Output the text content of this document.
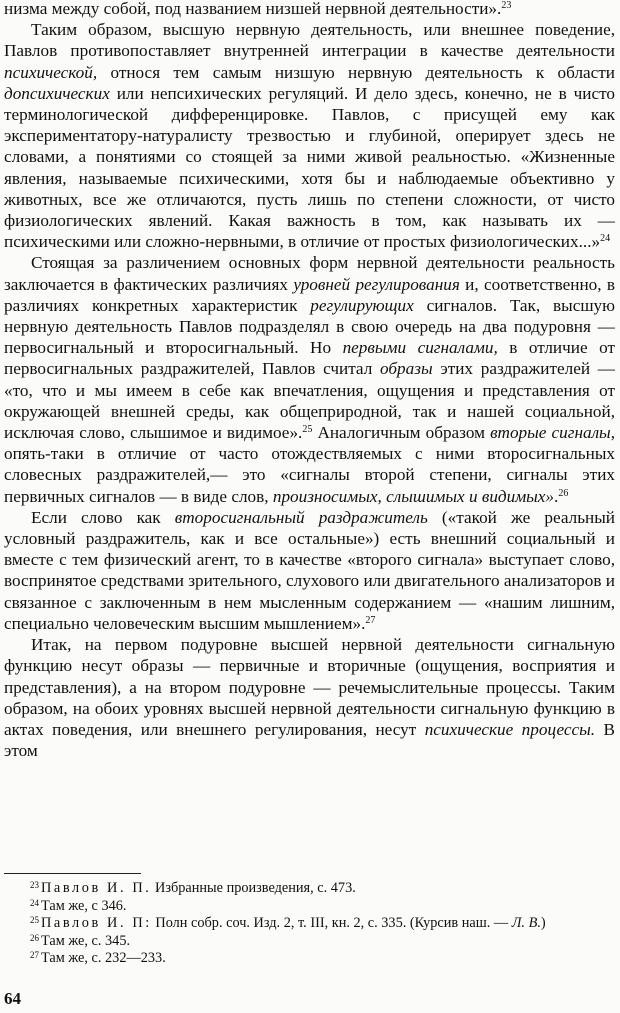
низма между собой, под названием низшей нервной деятельности».$^{23}$

Таким образом, высшую нервную деятельность, или внешнее поведение, Павлов противопоставляет внутренней интеграции в качестве деятельности психической, относя тем самым низшую нервную деятельность к области допсихических или непсихических регуляций. И дело здесь, конечно, не в чисто терминологической дифференцировке. Павлов, с присущей ему как экспериментатору-натуралисту трезвостью и глубиной, оперирует здесь не словами, а понятиями со стоящей за ними живой реальностью. «Жизненные явления, называемые психическими, хотя бы и наблюдаемые объективно у животных, все же отличаются, пусть лишь по степени сложности, от чисто физиологических явлений. Какая важность в том, как называть их — психическими или сложно-нервными, в отличие от простых физиологических...»$^{24}$

Стоящая за различением основных форм нервной деятельности реальность заключается в фактических различиях уровней регулирования и, соответственно, в различиях конкретных характеристик регулирующих сигналов. Так, высшую нервную деятельность Павлов подразделял в свою очередь на два подуровня — первосигнальный и второсигнальный. Но первыми сигналами, в отличие от первосигнальных раздражителей, Павлов считал образы этих раздражителей — «то, что и мы имеем в себе как впечатления, ощущения и представления от окружающей внешней среды, как общеприродной, так и нашей социальной, исключая слово, слышимое и видимое».$^{25}$ Аналогичным образом вторые сигналы, опять-таки в отличие от часто отождествляемых с ними второсигнальных словесных раздражителей,— это «сигналы второй степени, сигналы этих первичных сигналов — в виде слов, произносимых, слышимых и видимых».$^{26}$

Если слово как второсигнальный раздражитель («такой же реальный условный раздражитель, как и все остальные») есть внешний социальный и вместе с тем физический агент, то в качестве «второго сигнала» выступает слово, воспринятое средствами зрительного, слухового или двигательного анализаторов и связанное с заключенным в нем мысленным содержанием — «нашим лишним, специально человеческим высшим мышлением».$^{27}$

Итак, на первом подуровне высшей нервной деятельности сигнальную функцию несут образы — первичные и вторичные (ощущения, восприятия и представления), а на втором подуровне — речемыслительные процессы. Таким образом, на обоих уровнях высшей нервной деятельности сигнальную функцию в актах поведения, или внешнего регулирования, несут психические процессы. В этом

$^{23}$ Павлов И. П. Избранные произведения, с. 473.

$^{24}$ Там же, с 346.

$^{25}$ Павлов И. П: Полн собр. соч. Изд. 2, т. III, кн. 2, с. 335. (Курсив наш. — Л. В.)

$^{26}$ Там же, с. 345.

$^{27}$ Там же, с. 232—233.

64
